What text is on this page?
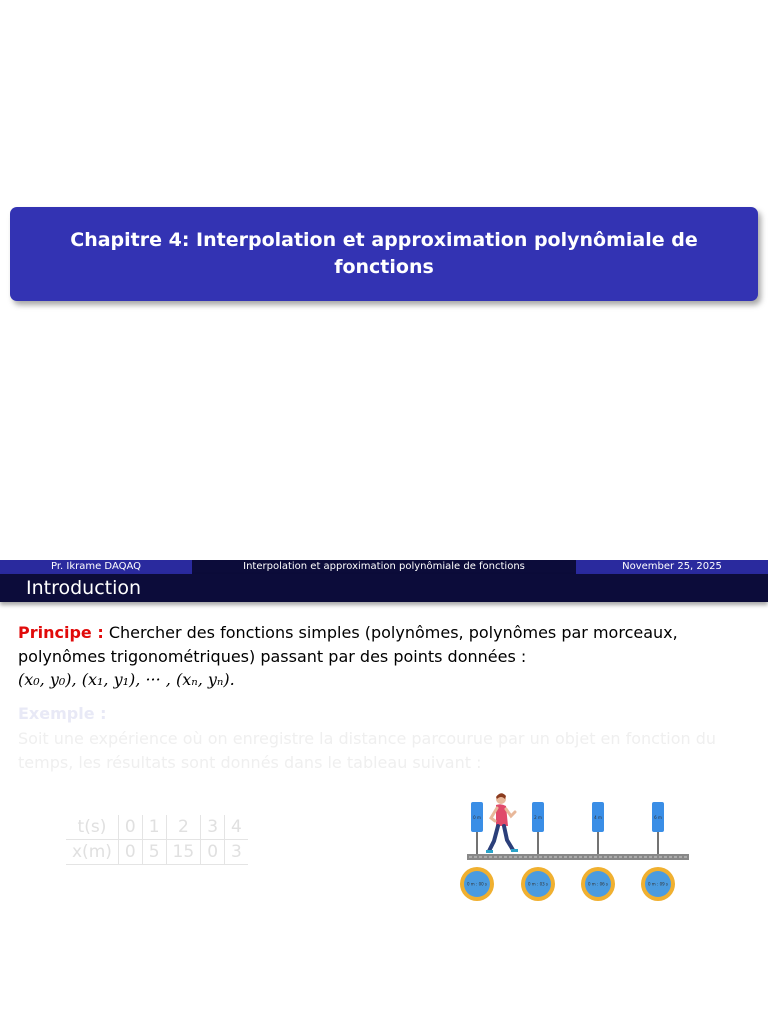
Chapitre 4: Interpolation et approximation polynômiale de
fonctions
Pr. Ikrame DAQAQ	Interpolation et approximation polynômiale de fonctions	November 25, 2025
Introduction
Principe : Chercher des fonctions simples (polynômes, polynômes par morceaux,
polynômes trigonométriques) passant par des points données :
(x₀, y₀), (x₁, y₁), ··· , (xₙ, yₙ).
Exemple :
Soit une expérience où on enregistre la distance parcourue par un objet en fonction du
temps, les résultats sont donnés dans le tableau suivant :
t(s)	0	1	2	3	4
x(m)	0	5	15	0	3
0 m	2 m	4 m	6 m
0 m : 00 s	0 m : 03 s	0 m : 06 s	0 m : 09 s
